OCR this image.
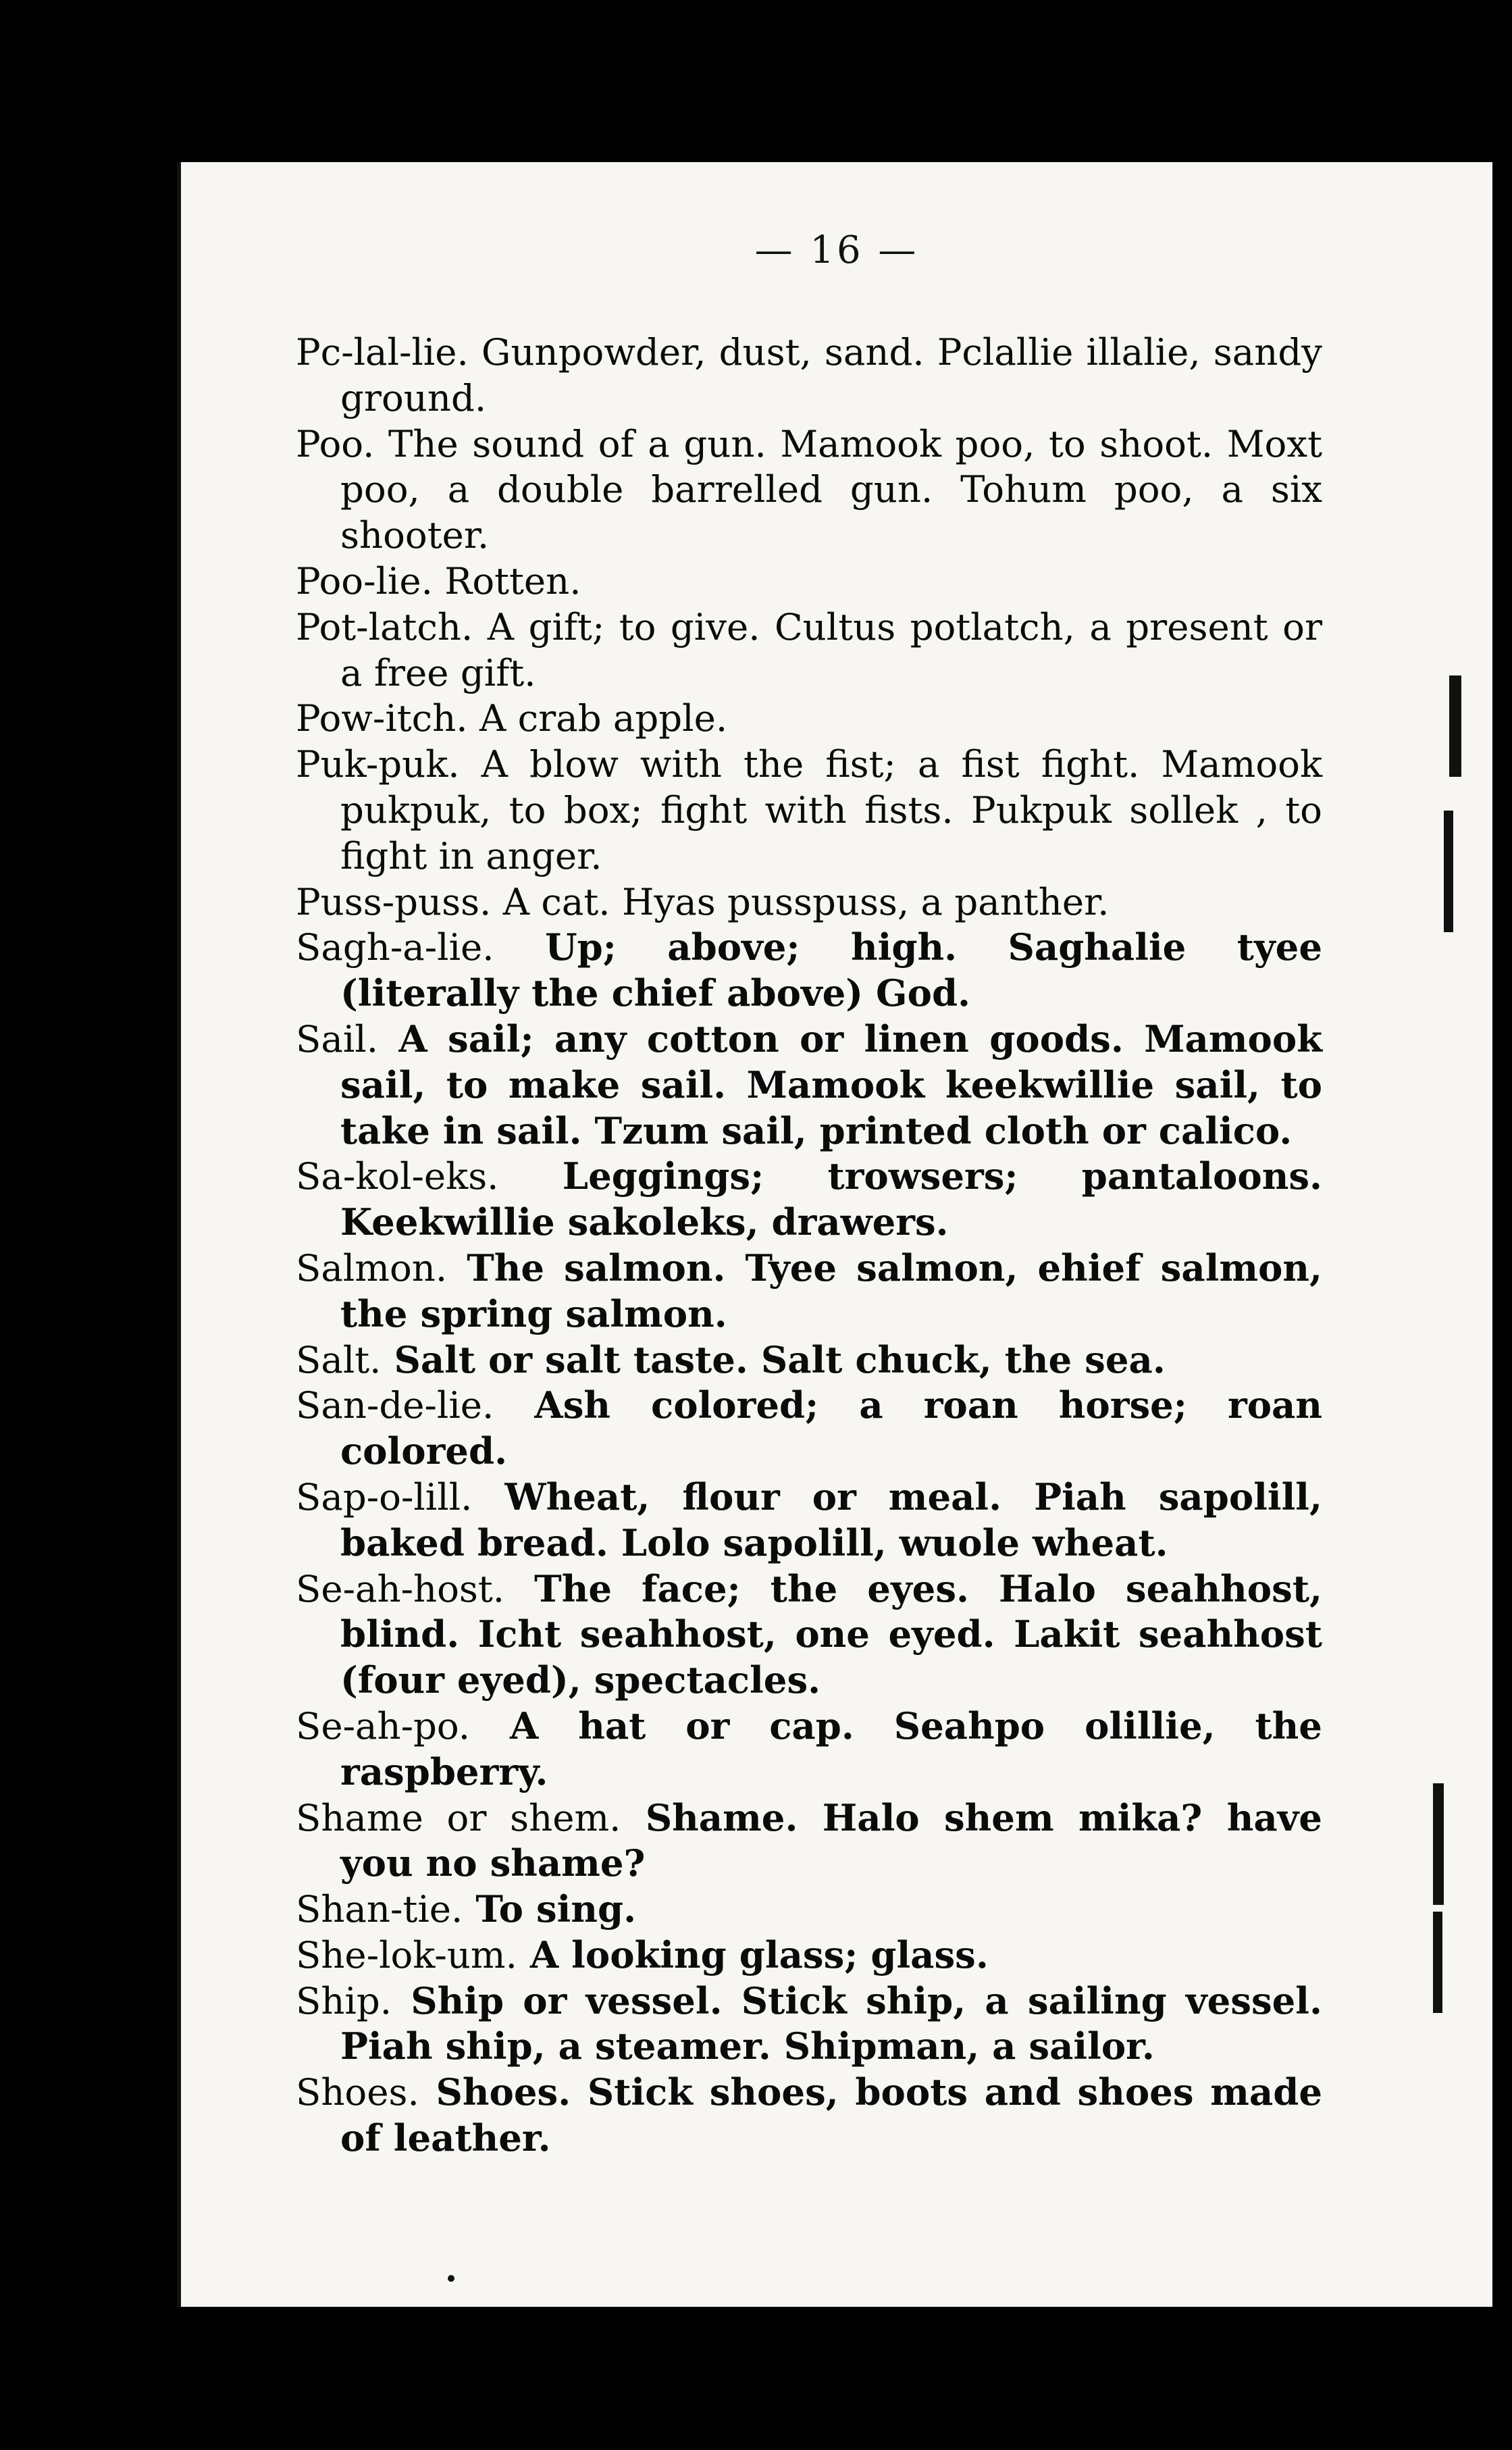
— 16 —

Pc-lal-lie. Gunpowder, dust, sand. Pclallie illalie, sandy ground.

Poo. The sound of a gun. Mamook poo, to shoot. Moxt poo, a double barrelled gun. Tohum poo, a six shooter.

Poo-lie. Rotten.

Pot-latch. A gift; to give. Cultus potlatch, a present or a free gift.

Pow-itch. A crab apple.

Puk-puk. A blow with the fist; a fist fight. Mamook pukpuk, to box; fight with fists. Pukpuk sollek , to fight in anger.

Puss-puss. A cat. Hyas pusspuss, a panther.

Sagh-a-lie. Up; above; high. Saghalie tyee (literally the chief above) God.

Sail. A sail; any cotton or linen goods. Mamook sail, to make sail. Mamook keekwillie sail, to take in sail. Tzum sail, printed cloth or calico.

Sa-kol-eks. Leggings; trowsers; pantaloons. Keekwillie sakoleks, drawers.

Salmon. The salmon. Tyee salmon, ehief salmon, the spring salmon.

Salt. Salt or salt taste. Salt chuck, the sea.

San-de-lie. Ash colored; a roan horse; roan colored.

Sap-o-lill. Wheat, flour or meal. Piah sapolill, baked bread. Lolo sapolill, wuole wheat.

Se-ah-host. The face; the eyes. Halo seahhost, blind. Icht seahhost, one eyed. Lakit seahhost (four eyed), spectacles.

Se-ah-po. A hat or cap. Seahpo olillie, the raspberry.

Shame or shem. Shame. Halo shem mika? have you no shame?

Shan-tie. To sing.

She-lok-um. A looking glass; glass.

Ship. Ship or vessel. Stick ship, a sailing vessel. Piah ship, a steamer. Shipman, a sailor.

Shoes. Shoes. Stick shoes, boots and shoes made of leather.
